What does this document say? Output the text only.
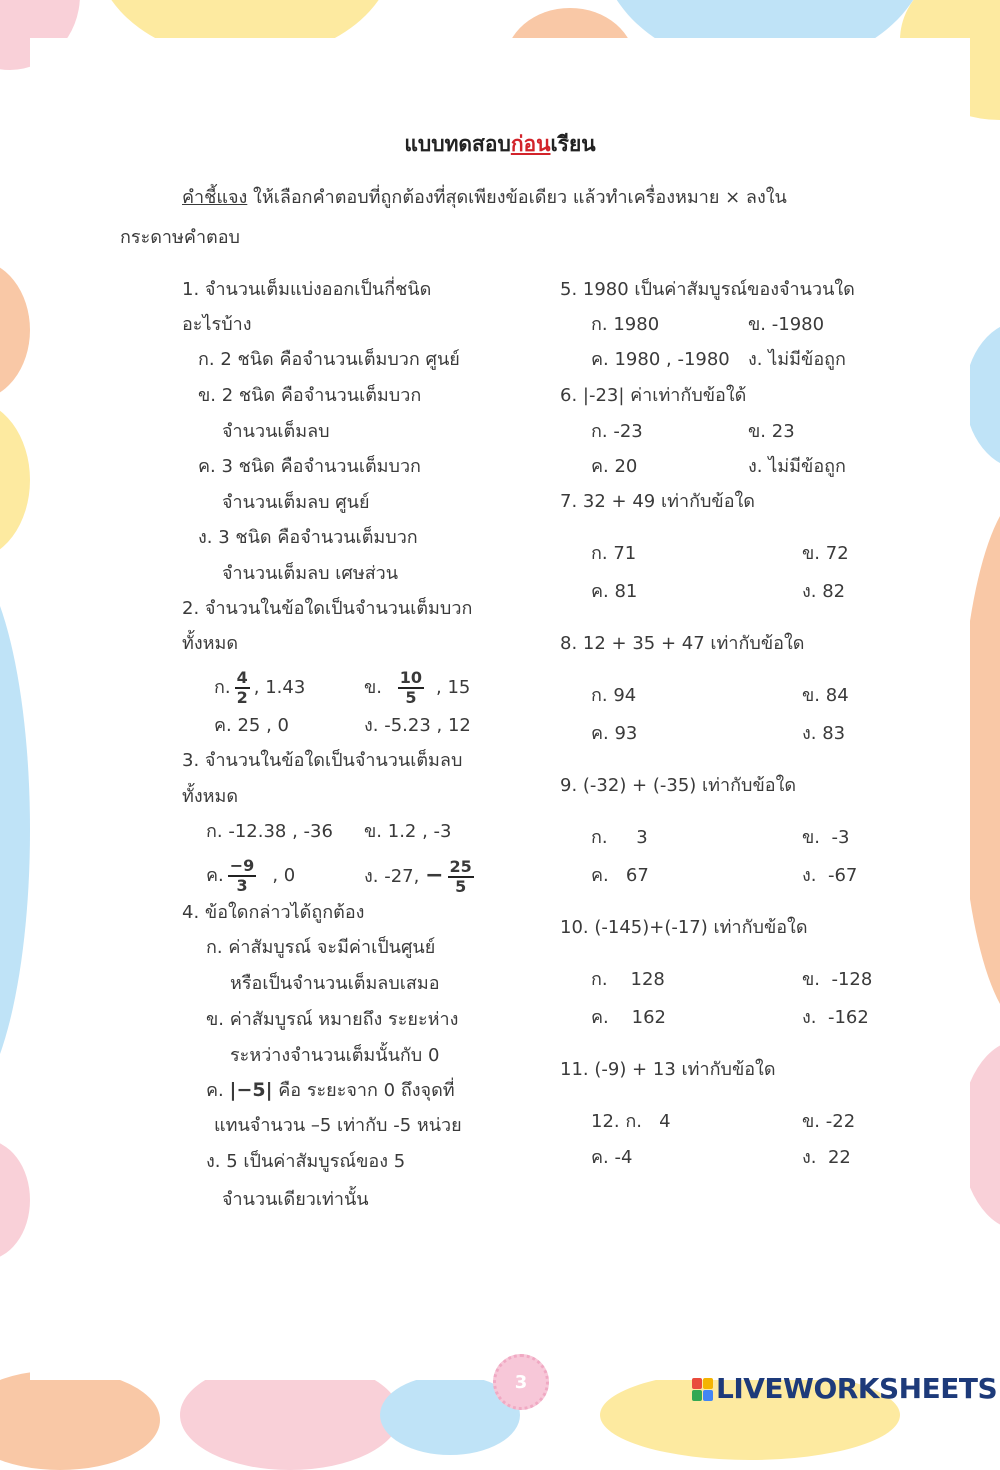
แบบทดสอบก่อนเรียน
คำชี้แจง ให้เลือกคำตอบที่ถูกต้องที่สุดเพียงข้อเดียว แล้วทำเครื่องหมาย × ลงใน
กระดาษคำตอบ
1. จำนวนเต็มแบ่งออกเป็นกี่ชนิด
อะไรบ้าง
ก. 2 ชนิด คือจำนวนเต็มบวก ศูนย์
ข. 2 ชนิด คือจำนวนเต็มบวก
จำนวนเต็มลบ
ค. 3 ชนิด คือจำนวนเต็มบวก
จำนวนเต็มลบ ศูนย์
ง. 3 ชนิด คือจำนวนเต็มบวก
จำนวนเต็มลบ เศษส่วน
2. จำนวนในข้อใดเป็นจำนวนเต็มบวก
ทั้งหมด
ก. $\frac{4}{2}$ , 1.43	ข. $\frac{10}{5}$ , 15
ค. 25 , 0	ง. -5.23 , 12
3. จำนวนในข้อใดเป็นจำนวนเต็มลบ
ทั้งหมด
ก. -12.38 , -36 ข. 1.2 , -3
ค. $\frac{-9}{3}$ , 0	ง. -27, − $\frac{25}{5}$
4. ข้อใดกล่าวได้ถูกต้อง
ก. ค่าสัมบูรณ์ จะมีค่าเป็นศูนย์
หรือเป็นจำนวนเต็มลบเสมอ
ข. ค่าสัมบูรณ์ หมายถึง ระยะห่าง
ระหว่างจำนวนเต็มนั้นกับ 0
ค. |−5| คือ ระยะจาก 0 ถึงจุดที่
แทนจำนวน –5 เท่ากับ -5 หน่วย
ง. 5 เป็นค่าสัมบูรณ์ของ 5
จำนวนเดียวเท่านั้น
5. 1980 เป็นค่าสัมบูรณ์ของจำนวนใด
ก. 1980	ข. -1980
ค. 1980 , -1980 ง. ไม่มีข้อถูก
6. |-23| ค่าเท่ากับข้อใด้
ก. -23	ข. 23
ค. 20	ง. ไม่มีข้อถูก
7. 32 + 49 เท่ากับข้อใด
ก. 71	ข. 72
ค. 81	ง. 82
8. 12 + 35 + 47 เท่ากับข้อใด
ก. 94	ข. 84
ค. 93	ง. 83
9. (-32) + (-35) เท่ากับข้อใด
ก.     3	ข.  -3
ค.   67	ง.  -67
10. (-145)+(-17) เท่ากับข้อใด
ก.    128	ข.  -128
ค.    162	ง.  -162
11. (-9) + 13 เท่ากับข้อใด
12. ก.   4	ข. -22
ค. -4	ง.  22
3	LIVEWORKSHEETS
